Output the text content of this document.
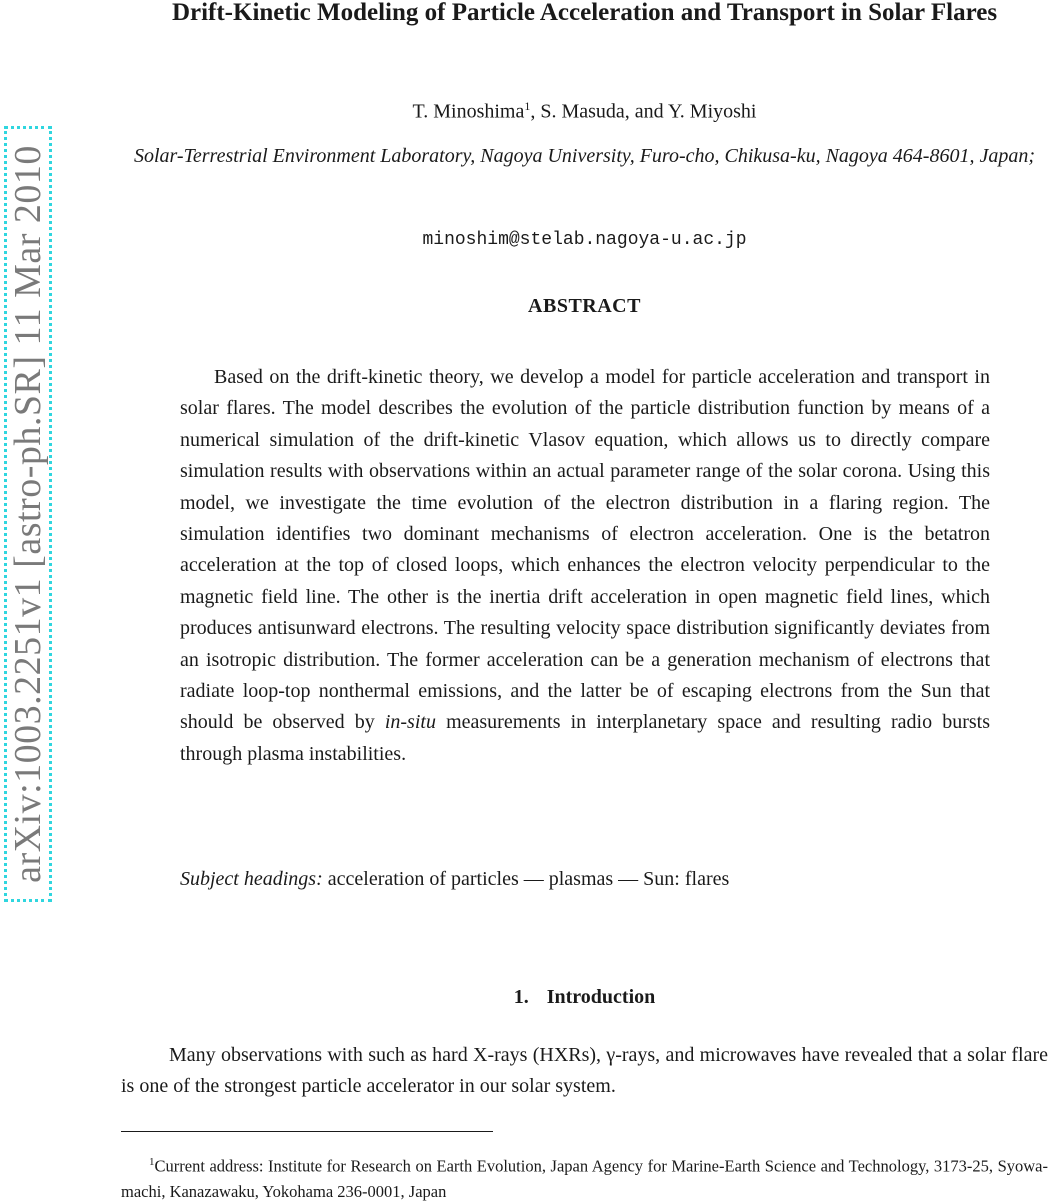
arXiv:1003.2251v1 [astro-ph.SR] 11 Mar 2010
Drift-Kinetic Modeling of Particle Acceleration and Transport in Solar Flares
T. Minoshima$^1$, S. Masuda, and Y. Miyoshi
Solar-Terrestrial Environment Laboratory, Nagoya University, Furo-cho, Chikusa-ku, Nagoya 464-8601, Japan;
minoshim@stelab.nagoya-u.ac.jp
ABSTRACT

Based on the drift-kinetic theory, we develop a model for particle acceleration and transport in solar flares. The model describes the evolution of the particle distribution function by means of a numerical simulation of the drift-kinetic Vlasov equation, which allows us to directly compare simulation results with observations within an actual parameter range of the solar corona. Using this model, we investigate the time evolution of the electron distribution in a flaring region. The simulation identifies two dominant mechanisms of electron acceleration. One is the betatron acceleration at the top of closed loops, which enhances the electron velocity perpendicular to the magnetic field line. The other is the inertia drift acceleration in open magnetic field lines, which produces antisunward electrons. The resulting velocity space distribution significantly deviates from an isotropic distribution. The former acceleration can be a generation mechanism of electrons that radiate loop-top nonthermal emissions, and the latter be of escaping electrons from the Sun that should be observed by in-situ measurements in interplanetary space and resulting radio bursts through plasma instabilities.

Subject headings: acceleration of particles — plasmas — Sun: flares

1. Introduction

Many observations with such as hard X-rays (HXRs), γ-rays, and microwaves have revealed that a solar flare is one of the strongest particle accelerator in our solar system.

$^1$Current address: Institute for Research on Earth Evolution, Japan Agency for Marine-Earth Science and Technology, 3173-25, Syowa-machi, Kanazawaku, Yokohama 236-0001, Japan
